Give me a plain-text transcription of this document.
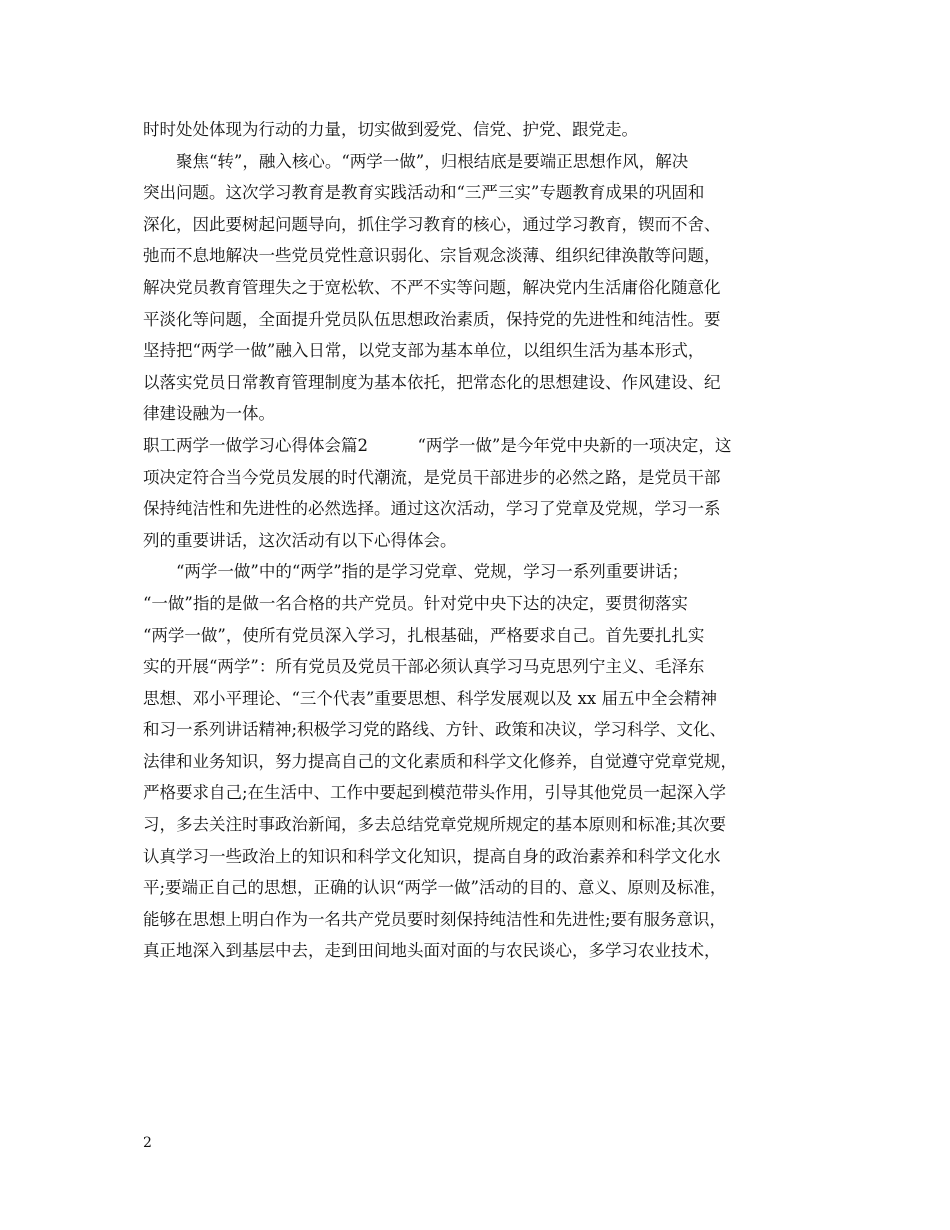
时时处处体现为行动的力量，切实做到爱党、信党、护党、跟党走。
　　聚焦“转”，融入核心。“两学一做”，归根结底是要端正思想作风，解决
突出问题。这次学习教育是教育实践活动和“三严三实”专题教育成果的巩固和
深化，因此要树起问题导向，抓住学习教育的核心，通过学习教育，锲而不舍、
弛而不息地解决一些党员党性意识弱化、宗旨观念淡薄、组织纪律涣散等问题，
解决党员教育管理失之于宽松软、不严不实等问题，解决党内生活庸俗化随意化
平淡化等问题，全面提升党员队伍思想政治素质，保持党的先进性和纯洁性。要
坚持把“两学一做”融入日常，以党支部为基本单位，以组织生活为基本形式，
以落实党员日常教育管理制度为基本依托，把常态化的思想建设、作风建设、纪
律建设融为一体。
职工两学一做学习心得体会篇2　　　“两学一做”是今年党中央新的一项决定，这
项决定符合当今党员发展的时代潮流，是党员干部进步的必然之路，是党员干部
保持纯洁性和先进性的必然选择。通过这次活动，学习了党章及党规，学习一系
列的重要讲话，这次活动有以下心得体会。
　　“两学一做”中的“两学”指的是学习党章、党规，学习一系列重要讲话；
“一做”指的是做一名合格的共产党员。针对党中央下达的决定，要贯彻落实
“两学一做”，使所有党员深入学习，扎根基础，严格要求自己。首先要扎扎实
实的开展“两学”：所有党员及党员干部必须认真学习马克思列宁主义、毛泽东
思想、邓小平理论、“三个代表”重要思想、科学发展观以及 xx 届五中全会精神
和习一系列讲话精神;积极学习党的路线、方针、政策和决议，学习科学、文化、
法律和业务知识，努力提高自己的文化素质和科学文化修养，自觉遵守党章党规，
严格要求自己;在生活中、工作中要起到模范带头作用，引导其他党员一起深入学
习，多去关注时事政治新闻，多去总结党章党规所规定的基本原则和标准;其次要
认真学习一些政治上的知识和科学文化知识，提高自身的政治素养和科学文化水
平;要端正自己的思想，正确的认识“两学一做”活动的目的、意义、原则及标准，
能够在思想上明白作为一名共产党员要时刻保持纯洁性和先进性;要有服务意识，
真正地深入到基层中去，走到田间地头面对面的与农民谈心，多学习农业技术，
2
